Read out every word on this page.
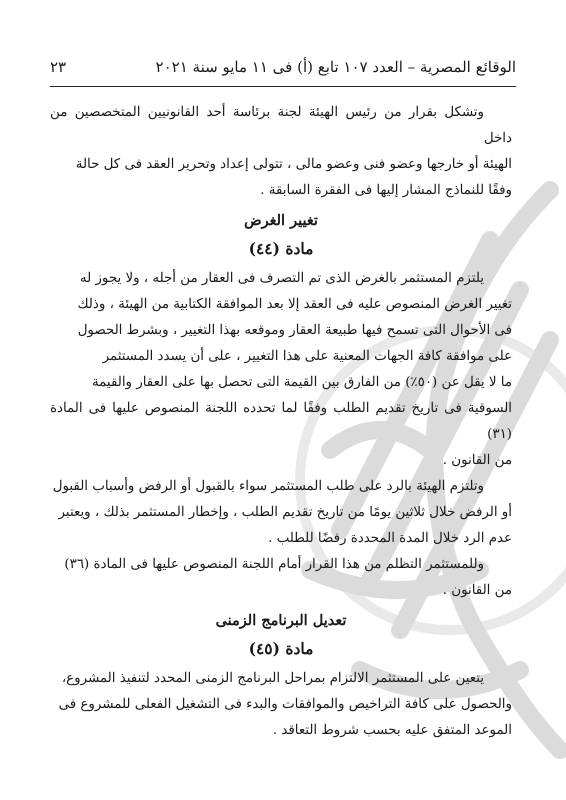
الوقائع المصرية – العدد ١٠٧ تابع (أ) فى ١١ مايو سنة ٢٠٢١
٢٣

وتشكل بقرار من رئيس الهيئة لجنة برئاسة أحد القانونيين المتخصصين من داخل

الهيئة أو خارجها وعضو فنى وعضو مالى ، تتولى إعداد وتحرير العقد فى كل حالة

وفقًا للنماذج المشار إليها فى الفقرة السابقة .

تغيير الغرض
مادة (٤٤)

يلتزم المستثمر بالغرض الذى تم التصرف فى العقار من أجله ، ولا يجوز له

تغيير الغرض المنصوص عليه فى العقد إلا بعد الموافقة الكتابية من الهيئة ، وذلك

فى الأحوال التى تسمح فيها طبيعة العقار وموقعه بهذا التغيير ، وبشرط الحصول

على موافقة كافة الجهات المعنية على هذا التغيير ، على أن يسدد المستثمر

ما لا يقل عن (٥٠٪) من الفارق بين القيمة التى تحصل بها على العقار والقيمة

السوقية فى تاريخ تقديم الطلب وفقًا لما تحدده اللجنة المنصوص عليها فى المادة (٣١)

من القانون .

وتلتزم الهيئة بالرد على طلب المستثمر سواء بالقبول أو الرفض وأسباب القبول

أو الرفض خلال ثلاثين يومًا من تاريخ تقديم الطلب ، وإخطار المستثمر بذلك ، ويعتبر

عدم الرد خلال المدة المحددة رفضًا للطلب .

وللمستثمر التظلم من هذا القرار أمام اللجنة المنصوص عليها فى المادة (٣٦)

من القانون .

تعديل البرنامج الزمنى
مادة (٤٥)

يتعين على المستثمر الالتزام بمراحل البرنامج الزمنى المحدد لتنفيذ المشروع،

والحصول على كافة التراخيص والموافقات والبدء فى التشغيل الفعلى للمشروع فى

الموعد المتفق عليه بحسب شروط التعاقد .
